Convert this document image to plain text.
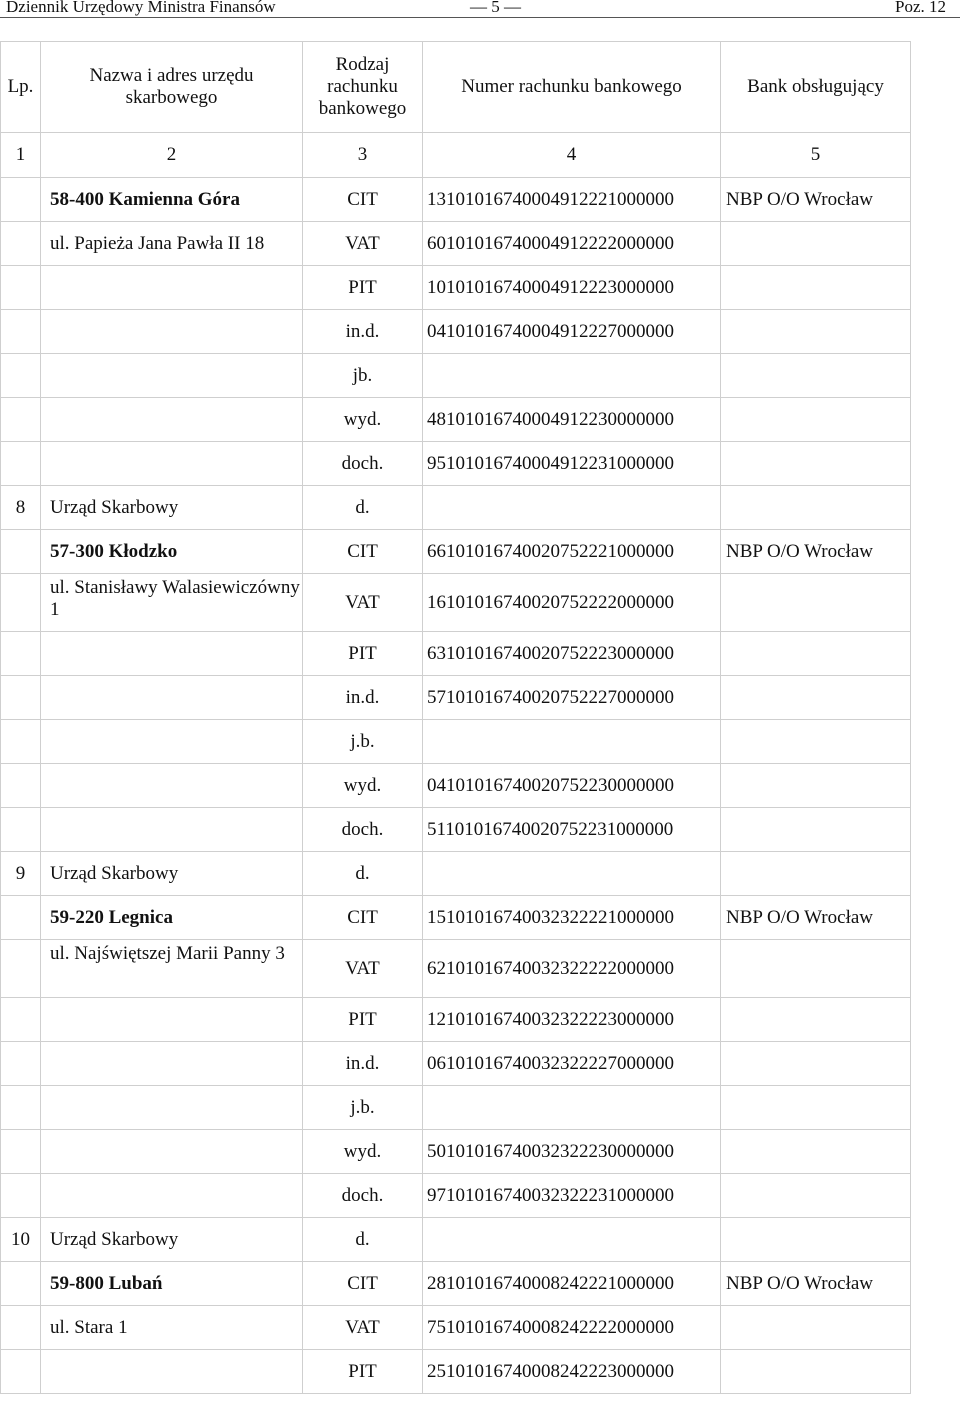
Dziennik Urzędowy Ministra Finansów	— 5 —	Poz. 12
Lp.	Nazwa i adres urzędu skarbowego	Rodzaj rachunku bankowego	Numer rachunku bankowego	Bank obsługujący
1	2	3	4	5
	58-400 Kamienna Góra	CIT	13101016740004912221000000	NBP O/O Wrocław
	ul. Papieża Jana Pawła II 18	VAT	60101016740004912222000000	
		PIT	10101016740004912223000000	
		in.d.	04101016740004912227000000	
		jb.		
		wyd.	48101016740004912230000000	
		doch.	95101016740004912231000000	
8	Urząd Skarbowy	d.		
	57-300 Kłodzko	CIT	66101016740020752221000000	NBP O/O Wrocław
	ul. Stanisławy Walasiewiczówny 1	VAT	16101016740020752222000000	
		PIT	63101016740020752223000000	
		in.d.	57101016740020752227000000	
		j.b.		
		wyd.	04101016740020752230000000	
		doch.	51101016740020752231000000	
9	Urząd Skarbowy	d.		
	59-220 Legnica	CIT	15101016740032322221000000	NBP O/O Wrocław
	ul. Najświętszej Marii Panny 3	VAT	62101016740032322222000000	
		PIT	12101016740032322223000000	
		in.d.	06101016740032322227000000	
		j.b.		
		wyd.	50101016740032322230000000	
		doch.	97101016740032322231000000	
10	Urząd Skarbowy	d.		
	59-800 Lubań	CIT	28101016740008242221000000	NBP O/O Wrocław
	ul. Stara 1	VAT	75101016740008242222000000	
		PIT	25101016740008242223000000	
